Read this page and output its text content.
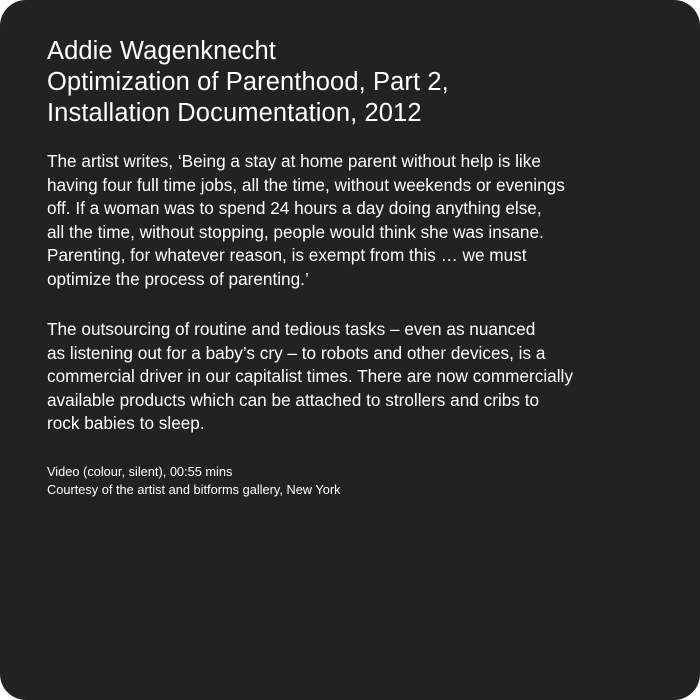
Addie Wagenknecht
Optimization of Parenthood, Part 2,
Installation Documentation, 2012

The artist writes, ‘Being a stay at home parent without help is like
having four full time jobs, all the time, without weekends or evenings
off. If a woman was to spend 24 hours a day doing anything else,
all the time, without stopping, people would think she was insane.
Parenting, for whatever reason, is exempt from this … we must
optimize the process of parenting.’

The outsourcing of routine and tedious tasks – even as nuanced
as listening out for a baby’s cry – to robots and other devices, is a
commercial driver in our capitalist times. There are now commercially
available products which can be attached to strollers and cribs to
rock babies to sleep.

Video (colour, silent), 00:55 mins
Courtesy of the artist and bitforms gallery, New York
